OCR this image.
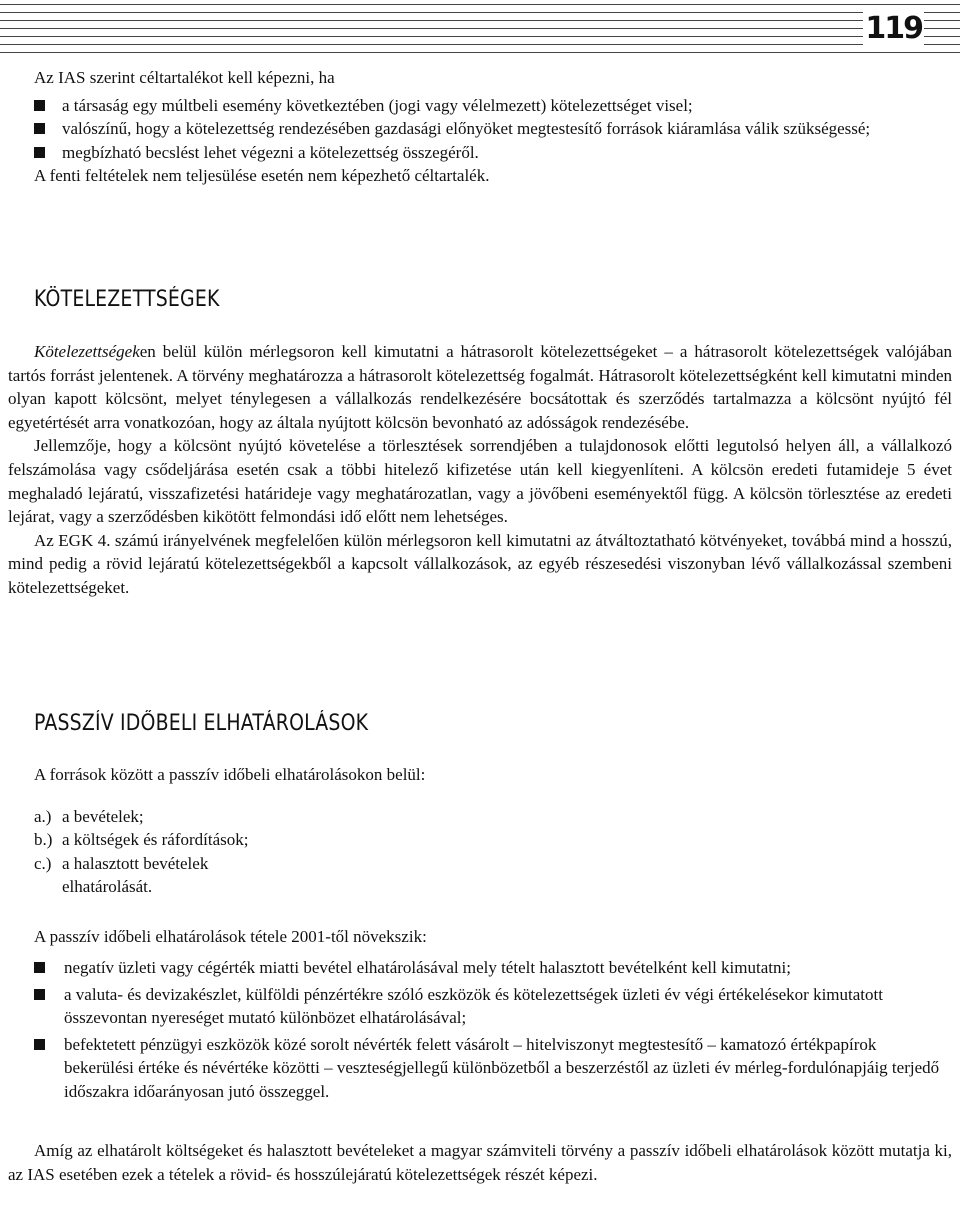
119

Az IAS szerint céltartalékot kell képezni, ha

a társaság egy múltbeli esemény következtében (jogi vagy vélelmezett) kötelezettséget visel;
valószínű, hogy a kötelezettség rendezésében gazdasági előnyöket megtestesítő források kiáramlása válik szükségessé;
megbízható becslést lehet végezni a kötelezettség összegéről.

A fenti feltételek nem teljesülése esetén nem képezhető céltartalék.

KÖTELEZETTSÉGEK

Kötelezettségeken belül külön mérlegsoron kell kimutatni a hátrasorolt kötelezettségeket – a hátrasorolt kötelezettségek valójában tartós forrást jelentenek. A törvény meghatározza a hátrasorolt kötelezettség fogalmát. Hátrasorolt kötelezettségként kell kimutatni minden olyan kapott kölcsönt, melyet ténylegesen a vállalkozás rendelkezésére bocsátottak és szerződés tartalmazza a kölcsönt nyújtó fél egyetértését arra vonatkozóan, hogy az általa nyújtott kölcsön bevonható az adósságok rendezésébe.

Jellemzője, hogy a kölcsönt nyújtó követelése a törlesztések sorrendjében a tulajdonosok előtti legutolsó helyen áll, a vállalkozó felszámolása vagy csődeljárása esetén csak a többi hitelező kifizetése után kell kiegyenlíteni. A kölcsön eredeti futamideje 5 évet meghaladó lejáratú, visszafizetési határideje vagy meghatározatlan, vagy a jövőbeni eseményektől függ. A kölcsön törlesztése az eredeti lejárat, vagy a szerződésben kikötött felmondási idő előtt nem lehetséges.

Az EGK 4. számú irányelvének megfelelően külön mérlegsoron kell kimutatni az átváltoztatható kötvényeket, továbbá mind a hosszú, mind pedig a rövid lejáratú kötelezettségekből a kapcsolt vállalkozások, az egyéb részesedési viszonyban lévő vállalkozással szembeni kötelezettségeket.

PASSZÍV IDŐBELI ELHATÁROLÁSOK

A források között a passzív időbeli elhatárolásokon belül:

a.) a bevételek;
b.) a költségek és ráfordítások;
c.) a halasztott bevételek elhatárolását.

A passzív időbeli elhatárolások tétele 2001-től növekszik:

negatív üzleti vagy cégérték miatti bevétel elhatárolásával mely tételt halasztott bevételként kell kimutatni;
a valuta- és devizakészlet, külföldi pénzértékre szóló eszközök és kötelezettségek üzleti év végi értékelésekor kimutatott összevontan nyereséget mutató különbözet elhatárolásával;
befektetett pénzügyi eszközök közé sorolt névérték felett vásárolt – hitelviszonyt megtestesítő – kamatozó értékpapírok bekerülési értéke és névértéke közötti – veszteségjellegű különbözetből a beszerzéstől az üzleti év mérleg-fordulónapjáig terjedő időszakra időarányosan jutó összeggel.

Amíg az elhatárolt költségeket és halasztott bevételeket a magyar számviteli törvény a passzív időbeli elhatárolások között mutatja ki, az IAS esetében ezek a tételek a rövid- és hosszúlejáratú kötelezettségek részét képezi.
